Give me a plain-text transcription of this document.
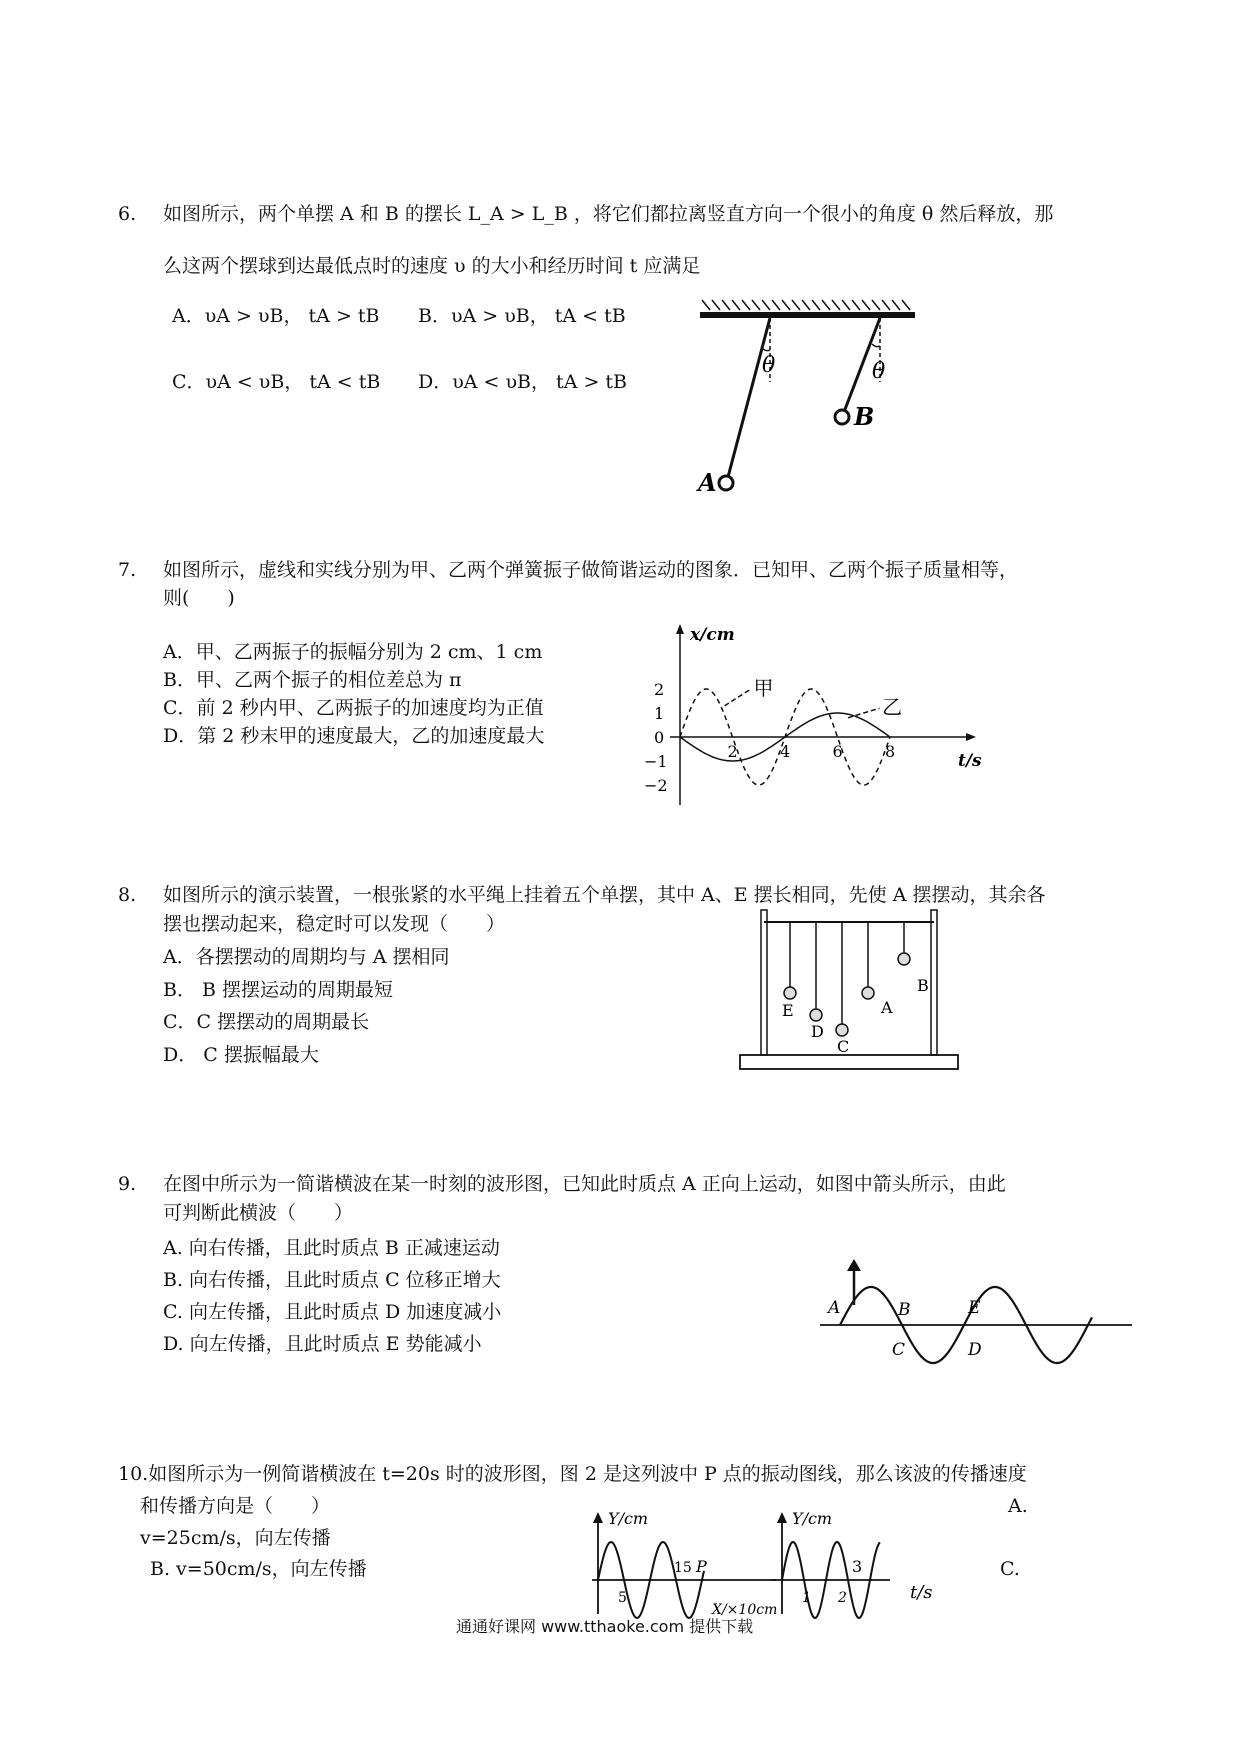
6. 如图所示，两个单摆 A 和 B 的摆长 L_A > L_B ，将它们都拉离竖直方向一个很小的角度 θ 然后释放，那
么这两个摆球到达最低点时的速度 υ 的大小和经历时间 t 应满足
A．υA > υB， tA > tB B．υA > υB， tA < tB
C．υA < υB， tA < tB D．υA < υB， tA > tB
θ
A
θ
B
7. 如图所示，虚线和实线分别为甲、乙两个弹簧振子做简谐运动的图象．已知甲、乙两个振子质量相等，
则(　　)
A．甲、乙两振子的振幅分别为 2 cm、1 cm
B．甲、乙两个振子的相位差总为 π
C．前 2 秒内甲、乙两振子的加速度均为正值
D．第 2 秒末甲的速度最大，乙的加速度最大
x/cm
t/s
2	4	6	8
2
1
0
−1
−2
甲
乙
8. 如图所示的演示装置，一根张紧的水平绳上挂着五个单摆，其中 A、E 摆长相同，先使 A 摆摆动，其余各
摆也摆动起来，稳定时可以发现（　　）
A．各摆摆动的周期均与 A 摆相同
B． B 摆摆运动的周期最短
C．C 摆摆动的周期最长
D． C 摆振幅最大
E
D
C
A
B
9. 在图中所示为一简谐横波在某一时刻的波形图，已知此时质点 A 正向上运动，如图中箭头所示，由此
可判断此横波（　　）
A. 向右传播，且此时质点 B 正减速运动
B. 向右传播，且此时质点 C 位移正增大
C. 向左传播，且此时质点 D 加速度减小
D. 向左传播，且此时质点 E 势能减小
A	B
C	D
E
10.如图所示为一例简谐横波在 t=20s 时的波形图，图 2 是这列波中 P 点的振动图线，那么该波的传播速度
和传播方向是（　　）	A.
v=25cm/s，向左传播
B. v=50cm/s，向左传播	C.
Y/cm
X/×10cm
5
15 P
Y/cm
t/s
1 2
3
通通好课网 www.tthaoke.com 提供下载
